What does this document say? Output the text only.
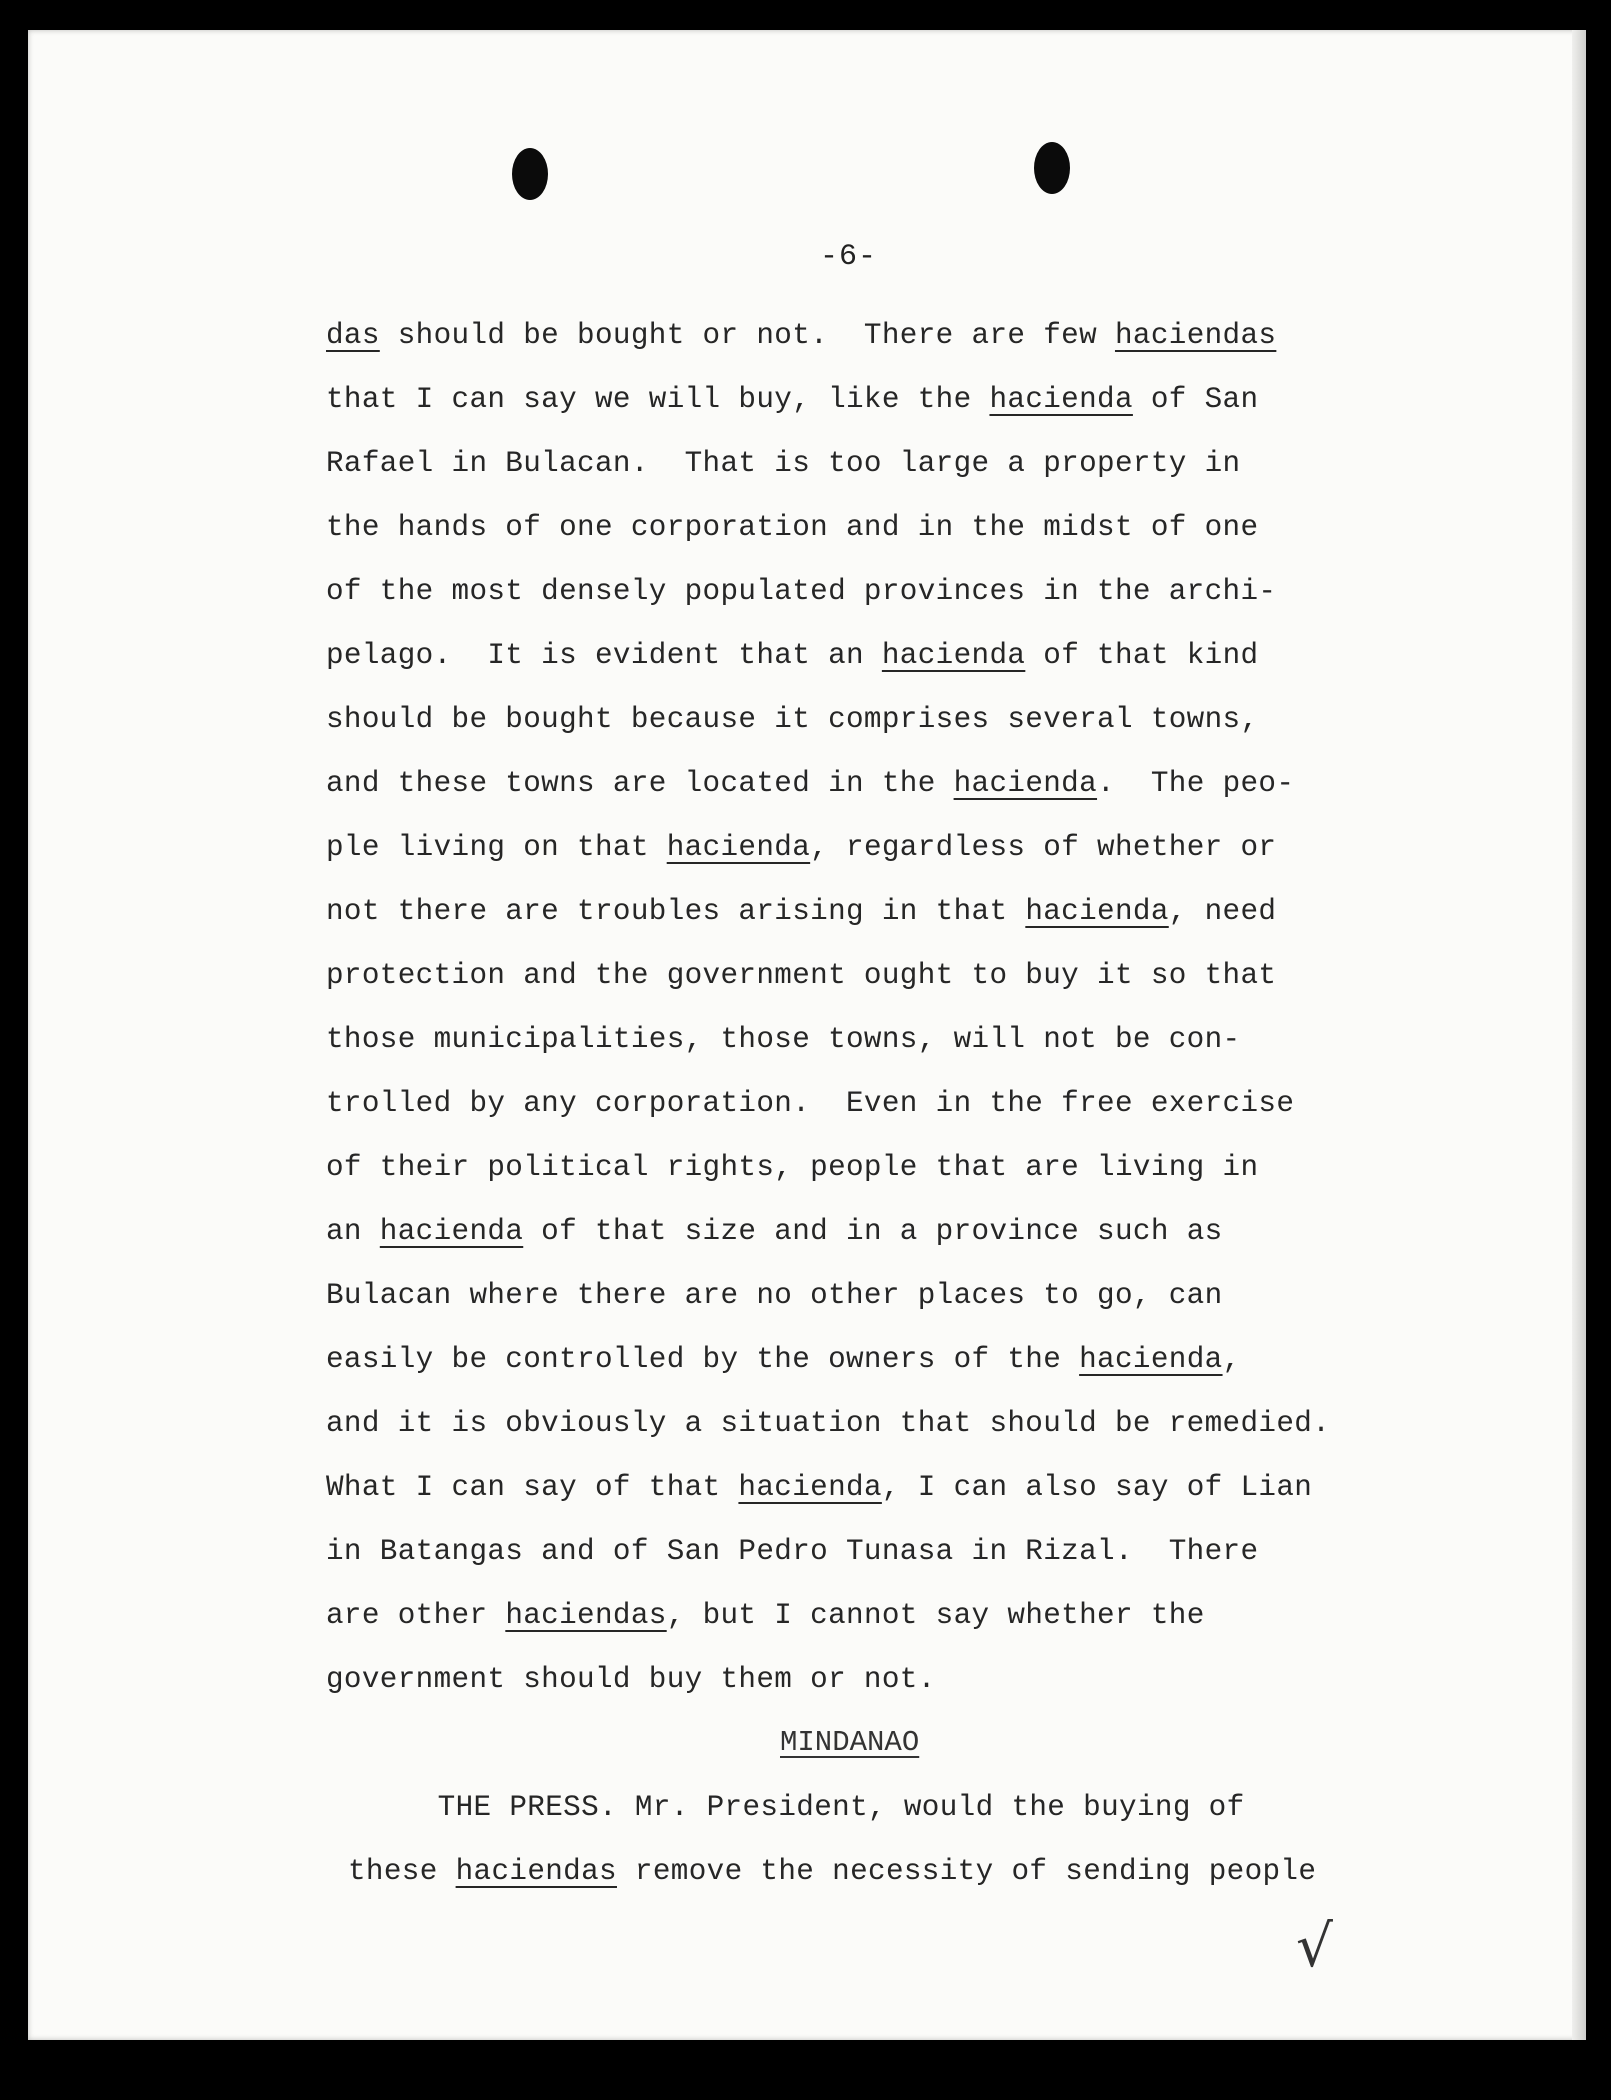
-6-
das should be bought or not.  There are few haciendas
that I can say we will buy, like the hacienda of San
Rafael in Bulacan.  That is too large a property in
the hands of one corporation and in the midst of one
of the most densely populated provinces in the archi-
pelago.  It is evident that an hacienda of that kind
should be bought because it comprises several towns,
and these towns are located in the hacienda.  The peo-
ple living on that hacienda, regardless of whether or
not there are troubles arising in that hacienda, need
protection and the government ought to buy it so that
those municipalities, those towns, will not be con-
trolled by any corporation.  Even in the free exercise
of their political rights, people that are living in
an hacienda of that size and in a province such as
Bulacan where there are no other places to go, can
easily be controlled by the owners of the hacienda,
and it is obviously a situation that should be remedied.
What I can say of that hacienda, I can also say of Lian
in Batangas and of San Pedro Tunasa in Rizal.  There
are other haciendas, but I cannot say whether the
government should buy them or not.
MINDANAO
THE PRESS. Mr. President, would the buying of
these haciendas remove the necessity of sending people
√
